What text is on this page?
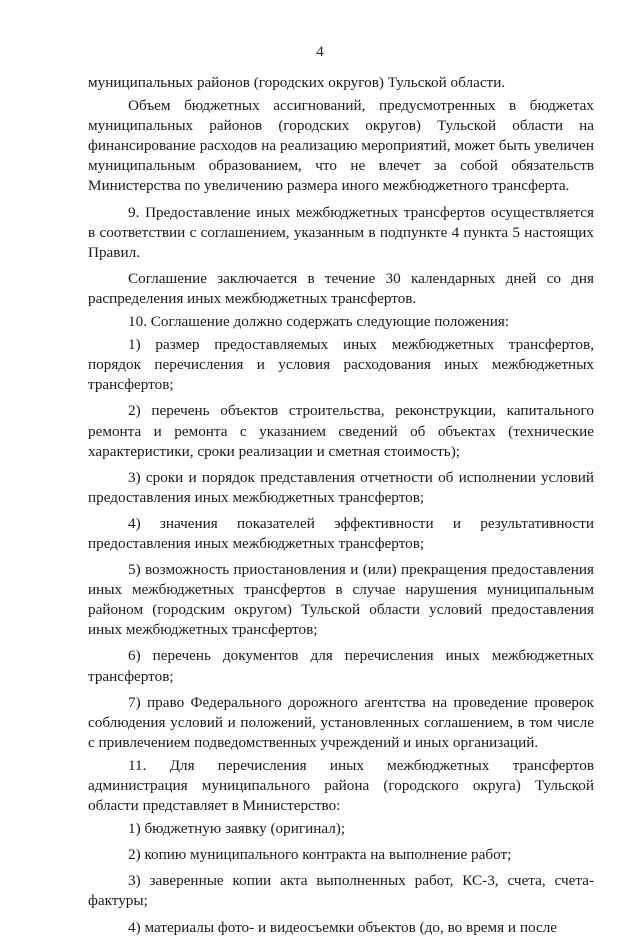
4

муниципальных районов (городских округов) Тульской области.

Объем бюджетных ассигнований, предусмотренных в бюджетах муниципальных районов (городских округов) Тульской области на финансирование расходов на реализацию мероприятий, может быть увеличен муниципальным образованием, что не влечет за собой обязательств Министерства по увеличению размера иного межбюджетного трансферта.

9. Предоставление иных межбюджетных трансфертов осуществляется в соответствии с соглашением, указанным в подпункте 4 пункта 5 настоящих Правил.

Соглашение заключается в течение 30 календарных дней со дня распределения иных межбюджетных трансфертов.

10. Соглашение должно содержать следующие положения:

1) размер предоставляемых иных межбюджетных трансфертов, порядок перечисления и условия расходования иных межбюджетных трансфертов;

2) перечень объектов строительства, реконструкции, капитального ремонта и ремонта с указанием сведений об объектах (технические характеристики, сроки реализации и сметная стоимость);

3) сроки и порядок представления отчетности об исполнении условий предоставления иных межбюджетных трансфертов;

4) значения показателей эффективности и результативности предоставления иных межбюджетных трансфертов;

5) возможность приостановления и (или) прекращения предоставления иных межбюджетных трансфертов в случае нарушения муниципальным районом (городским округом) Тульской области условий предоставления иных межбюджетных трансфертов;

6) перечень документов для перечисления иных межбюджетных трансфертов;

7) право Федерального дорожного агентства на проведение проверок соблюдения условий и положений, установленных соглашением, в том числе с привлечением подведомственных учреждений и иных организаций.

11. Для перечисления иных межбюджетных трансфертов администрация муниципального района (городского округа) Тульской области представляет в Министерство:

1) бюджетную заявку (оригинал);

2) копию муниципального контракта на выполнение работ;

3) заверенные копии акта выполненных работ, КС-3, счета, счета-фактуры;

4) материалы фото- и видеосъемки объектов (до, во время и после
